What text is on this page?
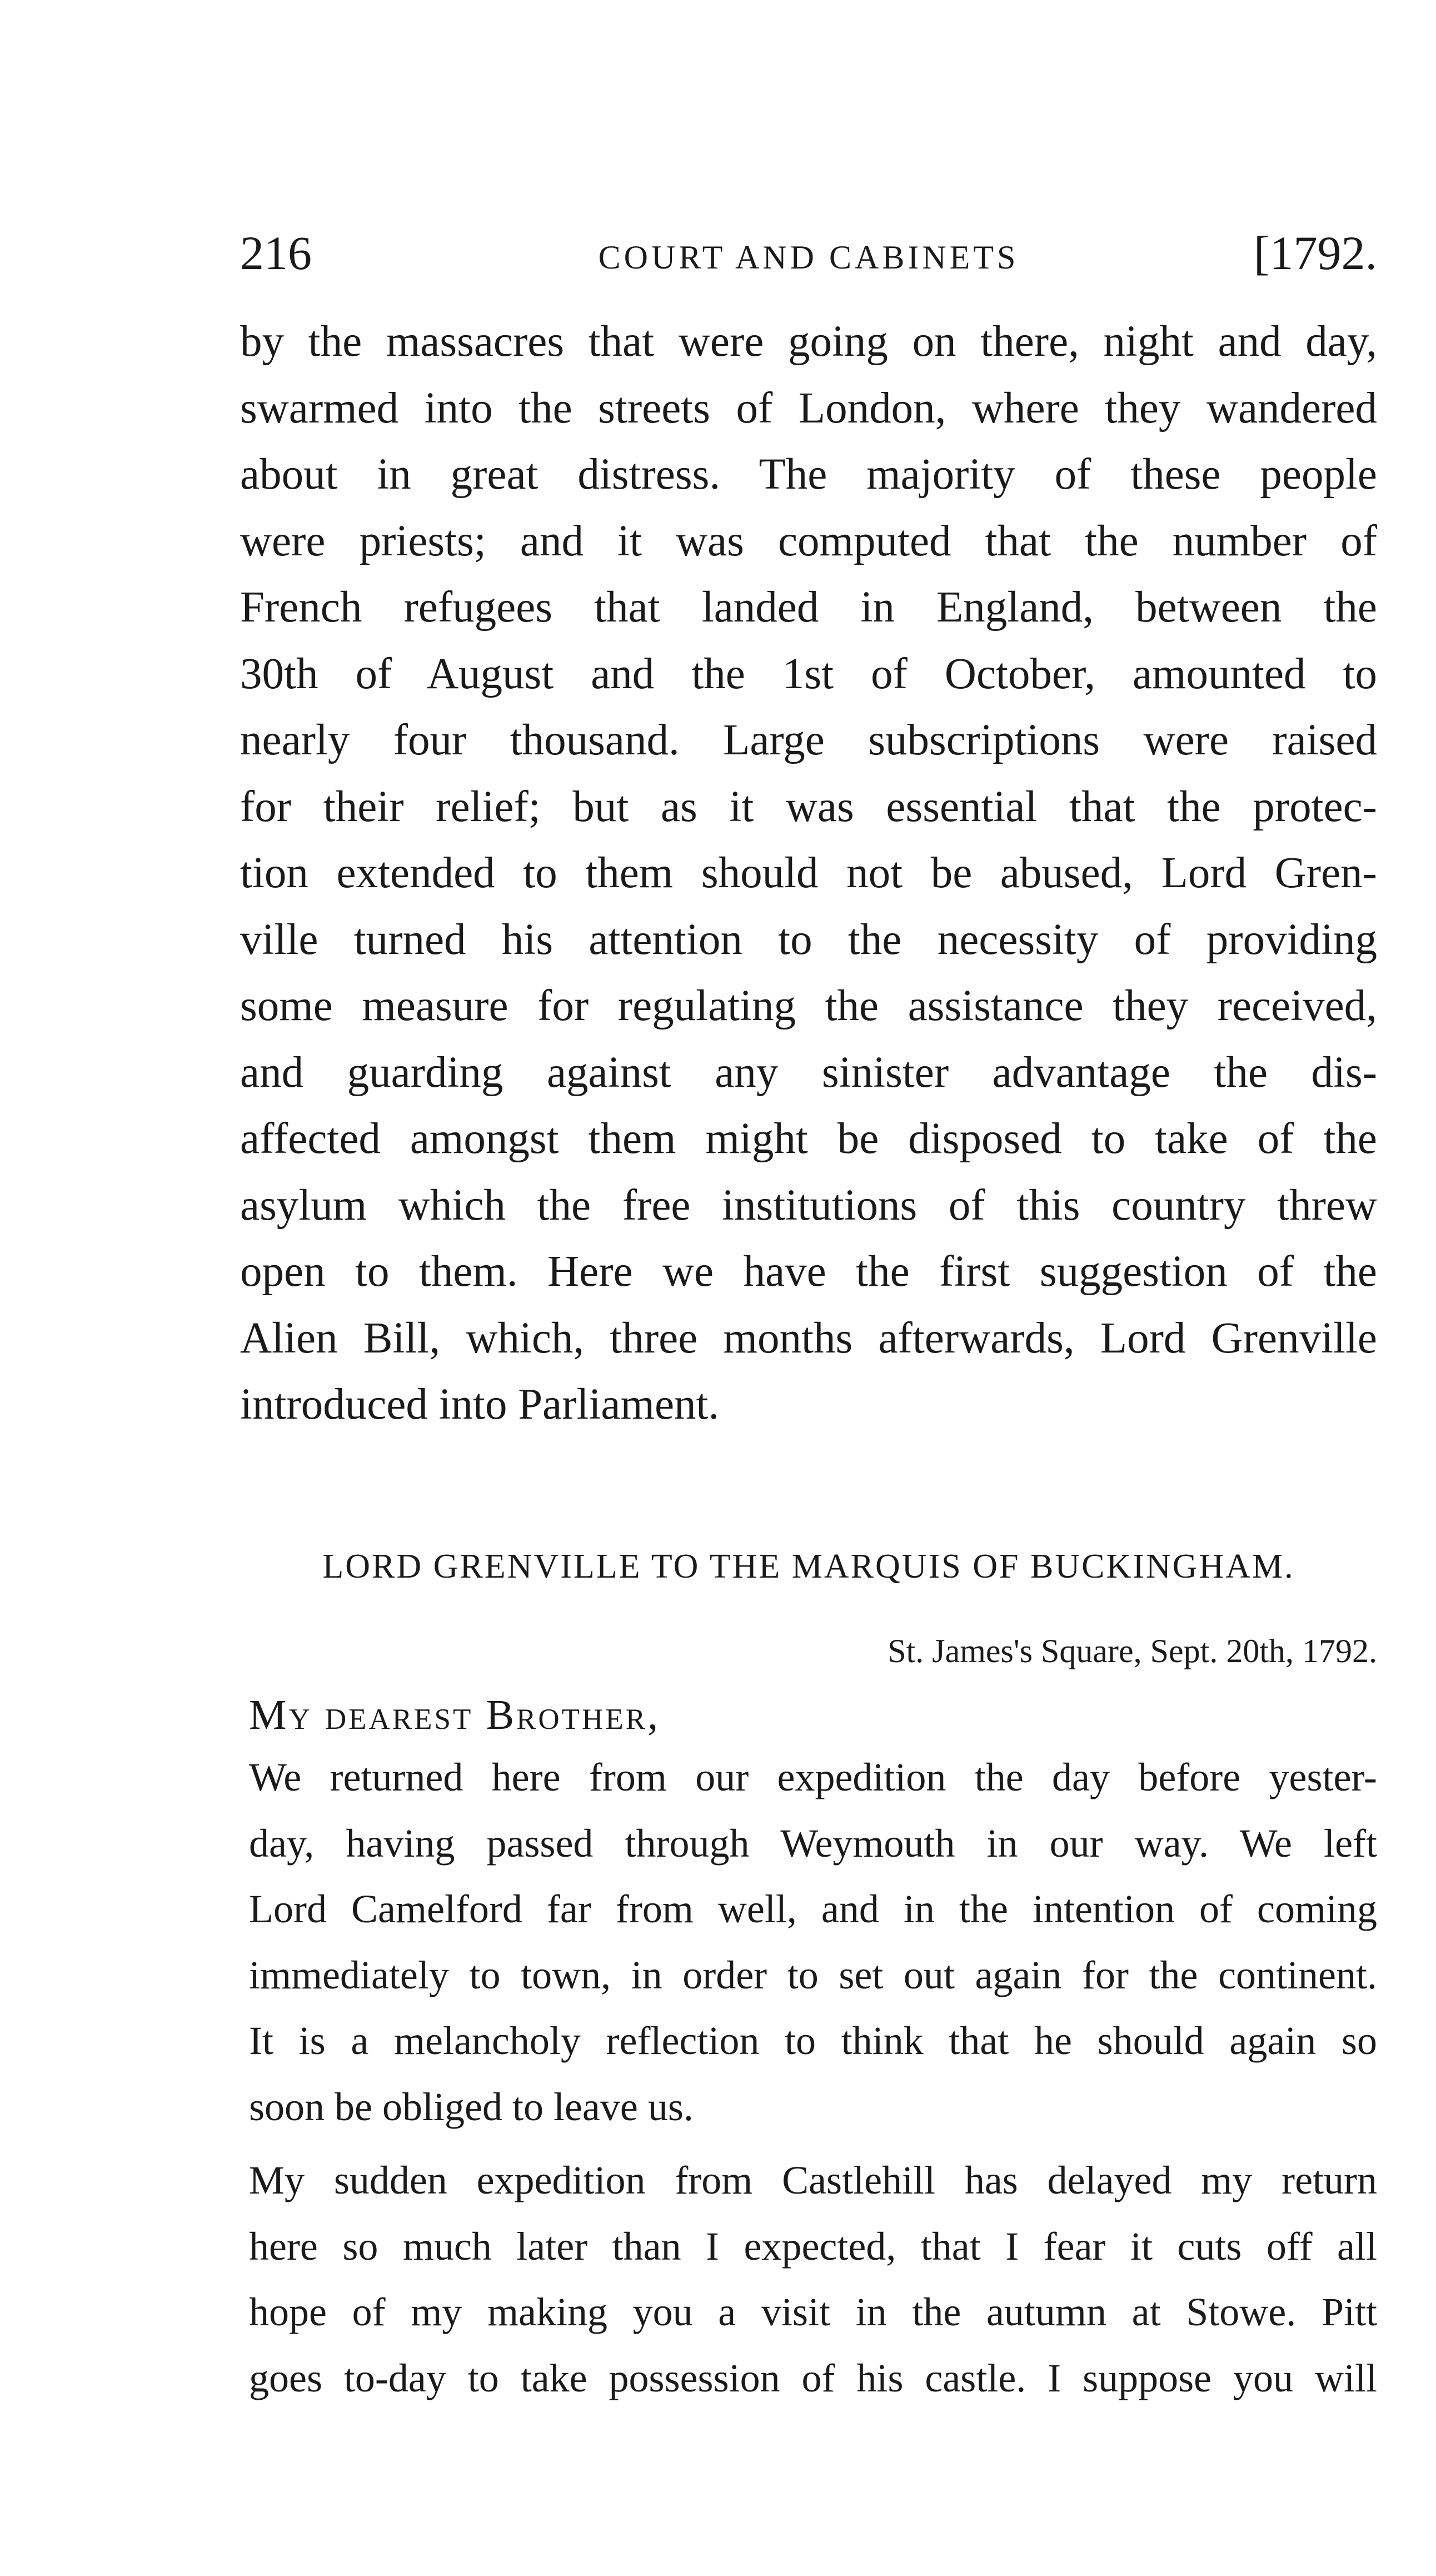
216	COURT AND CABINETS	[1792.
by the massacres that were going on there, night and day,
swarmed into the streets of London, where they wandered
about in great distress. The majority of these people
were priests; and it was computed that the number of
French refugees that landed in England, between the
30th of August and the 1st of October, amounted to
nearly four thousand. Large subscriptions were raised
for their relief; but as it was essential that the protec-
tion extended to them should not be abused, Lord Gren-
ville turned his attention to the necessity of providing
some measure for regulating the assistance they received,
and guarding against any sinister advantage the dis-
affected amongst them might be disposed to take of the
asylum which the free institutions of this country threw
open to them. Here we have the first suggestion of the
Alien Bill, which, three months afterwards, Lord Grenville
introduced into Parliament.
LORD GRENVILLE TO THE MARQUIS OF BUCKINGHAM.
St. James's Square, Sept. 20th, 1792.
My dearest Brother,
We returned here from our expedition the day before yester-
day, having passed through Weymouth in our way. We left
Lord Camelford far from well, and in the intention of coming
immediately to town, in order to set out again for the continent.
It is a melancholy reflection to think that he should again so
soon be obliged to leave us.
My sudden expedition from Castlehill has delayed my return
here so much later than I expected, that I fear it cuts off all
hope of my making you a visit in the autumn at Stowe. Pitt
goes to-day to take possession of his castle. I suppose you will
